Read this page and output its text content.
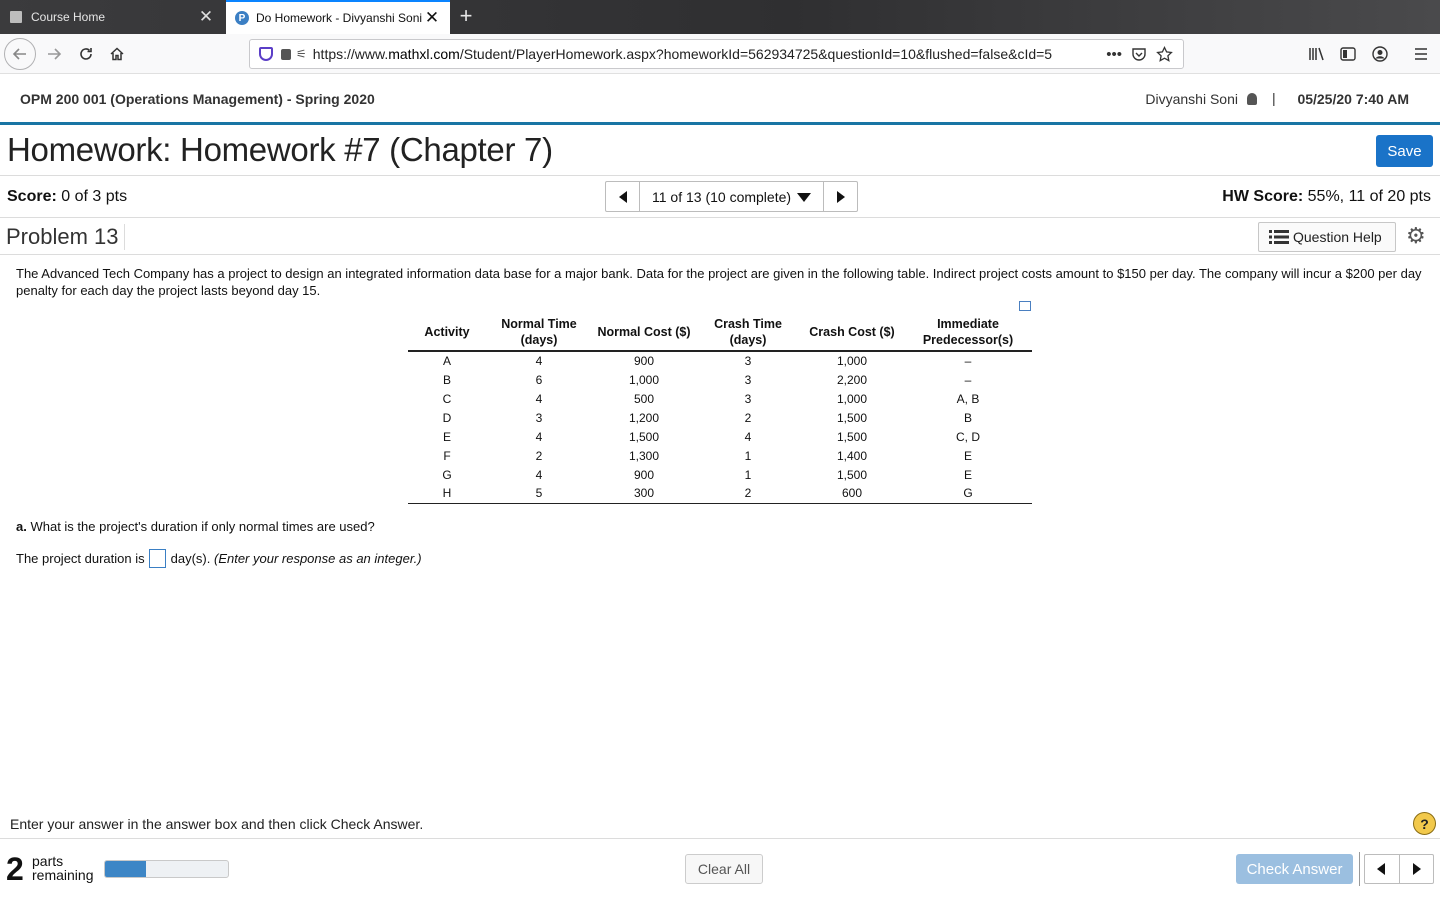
Course Home	✕	P Do Homework - Divyanshi Soni ✕ +
⚟ https://www.mathxl.com/Student/PlayerHomework.aspx?homeworkId=562934725&questionId=10&flushed=false&cId=5	•••
OPM 200 001 (Operations Management) - Spring 2020	Divyanshi Soni | 05/25/20 7:40 AM
Homework: Homework #7 (Chapter 7)	Save
Score: 0 of 3 pts	11 of 13 (10 complete)	HW Score: 55%, 11 of 20 pts
Problem 13	Question Help ⚙
The Advanced Tech Company has a project to design an integrated information data base for a major bank. Data for the project are given in the following table. Indirect project costs amount to $150 per day. The company will incur a $200 per day penalty for each day the project lasts beyond day 15.
Activity	Normal Time (days)	Normal Cost ($)	Crash Time (days)	Crash Cost ($)	Immediate Predecessor(s)
A	4	900	3	1,000	–
B	6	1,000	3	2,200	–
C	4	500	3	1,000	A, B
D	3	1,200	2	1,500	B
E	4	1,500	4	1,500	C, D
F	2	1,300	1	1,400	E
G	4	900	1	1,500	E
H	5	300	2	600	G
a. What is the project's duration if only normal times are used?
The project duration is day(s).
(Enter your response as an integer.)
Enter your answer in the answer box and then click Check Answer.	?
2 parts
remaining	Clear All	Check Answer
